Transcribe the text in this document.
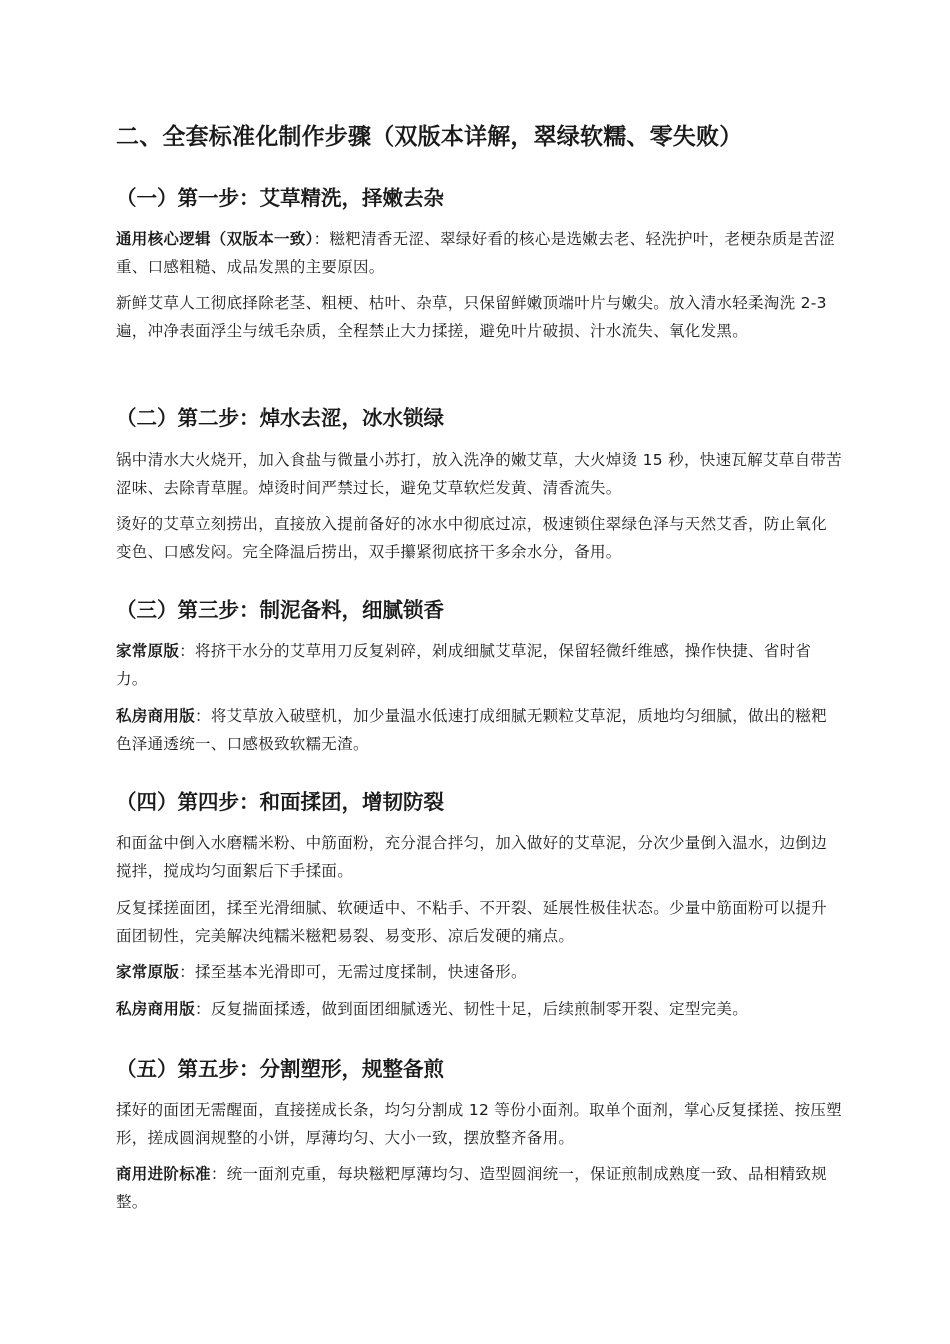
二、全套标准化制作步骤（双版本详解，翠绿软糯、零失败）
（一）第一步：艾草精洗，择嫩去杂

通用核心逻辑（双版本一致）：糍粑清香无涩、翠绿好看的核心是选嫩去老、轻洗护叶，老梗杂质是苦涩重、口感粗糙、成品发黑的主要原因。

新鲜艾草人工彻底择除老茎、粗梗、枯叶、杂草，只保留鲜嫩顶端叶片与嫩尖。放入清水轻柔淘洗 2-3 遍，冲净表面浮尘与绒毛杂质，全程禁止大力揉搓，避免叶片破损、汁水流失、氧化发黑。

（二）第二步：焯水去涩，冰水锁绿

锅中清水大火烧开，加入食盐与微量小苏打，放入洗净的嫩艾草，大火焯烫 15 秒，快速瓦解艾草自带苦涩味、去除青草腥。焯烫时间严禁过长，避免艾草软烂发黄、清香流失。

烫好的艾草立刻捞出，直接放入提前备好的冰水中彻底过凉，极速锁住翠绿色泽与天然艾香，防止氧化变色、口感发闷。完全降温后捞出，双手攥紧彻底挤干多余水分，备用。

（三）第三步：制泥备料，细腻锁香

家常原版：将挤干水分的艾草用刀反复剁碎，剁成细腻艾草泥，保留轻微纤维感，操作快捷、省时省力。

私房商用版：将艾草放入破壁机，加少量温水低速打成细腻无颗粒艾草泥，质地均匀细腻，做出的糍粑色泽通透统一、口感极致软糯无渣。

（四）第四步：和面揉团，增韧防裂

和面盆中倒入水磨糯米粉、中筋面粉，充分混合拌匀，加入做好的艾草泥，分次少量倒入温水，边倒边搅拌，搅成均匀面絮后下手揉面。

反复揉搓面团，揉至光滑细腻、软硬适中、不粘手、不开裂、延展性极佳状态。少量中筋面粉可以提升面团韧性，完美解决纯糯米糍粑易裂、易变形、凉后发硬的痛点。

家常原版：揉至基本光滑即可，无需过度揉制，快速备形。

私房商用版：反复揣面揉透，做到面团细腻透光、韧性十足，后续煎制零开裂、定型完美。

（五）第五步：分割塑形，规整备煎

揉好的面团无需醒面，直接搓成长条，均匀分割成 12 等份小面剂。取单个面剂，掌心反复揉搓、按压塑形，搓成圆润规整的小饼，厚薄均匀、大小一致，摆放整齐备用。

商用进阶标准：统一面剂克重，每块糍粑厚薄均匀、造型圆润统一，保证煎制成熟度一致、品相精致规整。
